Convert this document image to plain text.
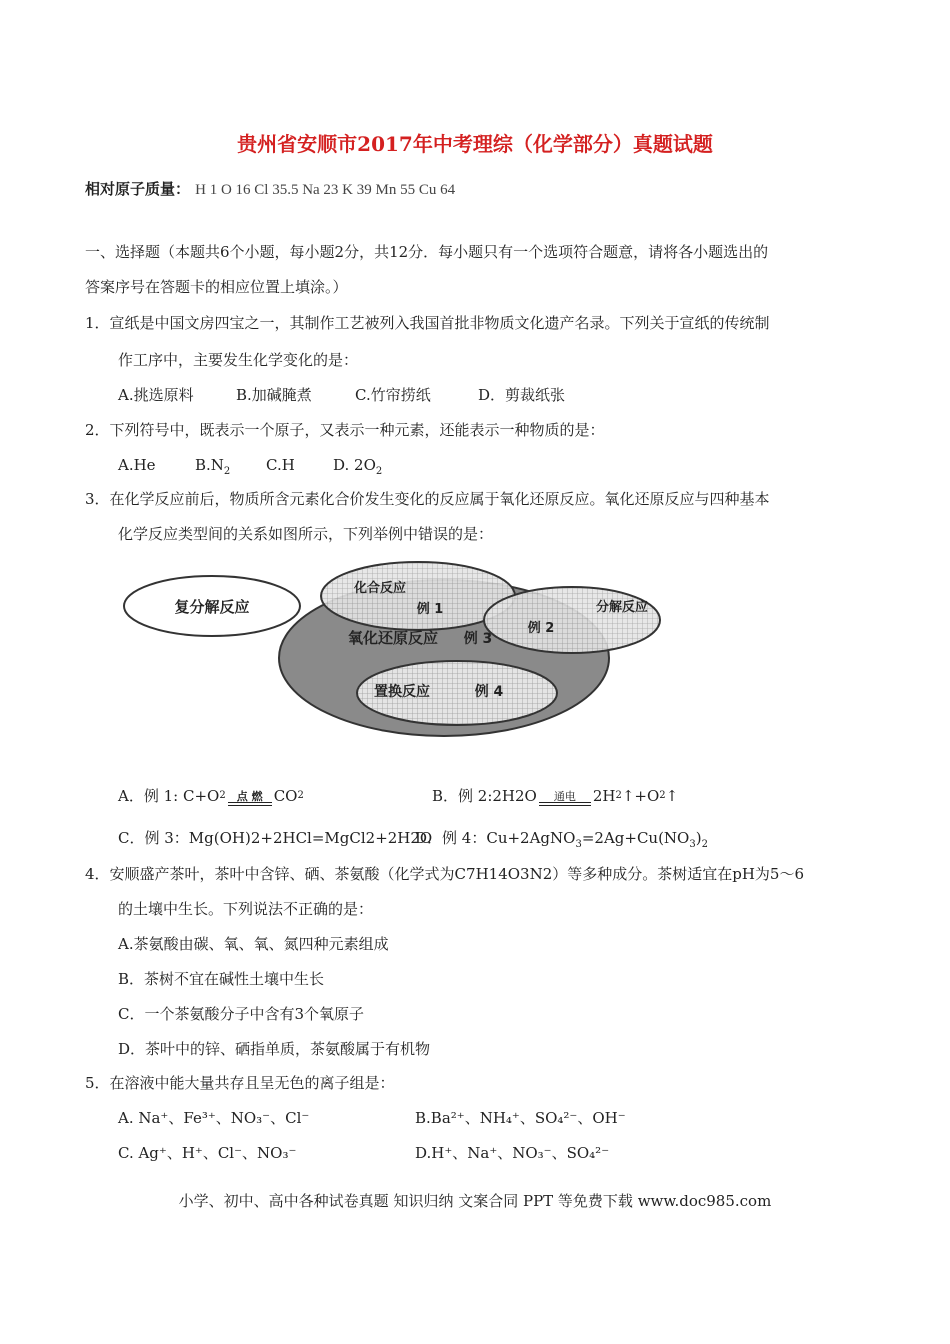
贵州省安顺市2017年中考理综（化学部分）真题试题
相对原子质量： H 1 O 16 Cl 35.5 Na 23 K 39 Mn 55 Cu 64
一、选择题（本题共6个小题，每小题2分，共12分．每小题只有一个选项符合题意，请将各小题选出的
答案序号在答题卡的相应位置上填涂。）
1．宣纸是中国文房四宝之一，其制作工艺被列入我国首批非物质文化遗产名录。下列关于宣纸的传统制
作工序中，主要发生化学变化的是：
A.挑选原料	B.加碱腌煮	C.竹帘捞纸	D．剪裁纸张
2．下列符号中，既表示一个原子，又表示一种元素，还能表示一种物质的是：
A.He	$B.N_2$ C.H	D. $2O_2$
3．在化学反应前后，物质所含元素化合价发生变化的反应属于氧化还原反应。氧化还原反应与四种基本
化学反应类型间的关系如图所示，下列举例中错误的是：
复分解反应
化合反应
例 1	分解反应
例 2
氧化还原反应 例 3
置换反应	例 4
A．例 1: C+O 2	点 燃 CO 2	B．例 2:2H2O	通电	2H 2 ↑+O 2 ↑
C．例 3：Mg(OH)2+2HCl=MgCl2+2H2O
D．例 4：$Cu+2AgNO_3=2Ag+Cu(NO_3)_2$
4．安顺盛产茶叶，茶叶中含锌、硒、茶氨酸（化学式为C7H14O3N2）等多种成分。茶树适宜在pH为5～6
的土壤中生长。下列说法不正确的是：
A.茶氨酸由碳、氧、氧、氮四种元素组成
B．茶树不宜在碱性土壤中生长
C．一个茶氨酸分子中含有3个氧原子
D．茶叶中的锌、硒指单质，茶氨酸属于有机物
5．在溶液中能大量共存且呈无色的离子组是：
A. Na⁺、Fe³⁺、NO₃⁻、Cl⁻	B.Ba²⁺、NH₄⁺、SO₄²⁻、OH⁻
C. Ag⁺、H⁺、Cl⁻、NO₃⁻	D.H⁺、Na⁺、NO₃⁻、SO₄²⁻
小学、初中、高中各种试卷真题 知识归纳 文案合同 PPT 等免费下载 www.doc985.com
